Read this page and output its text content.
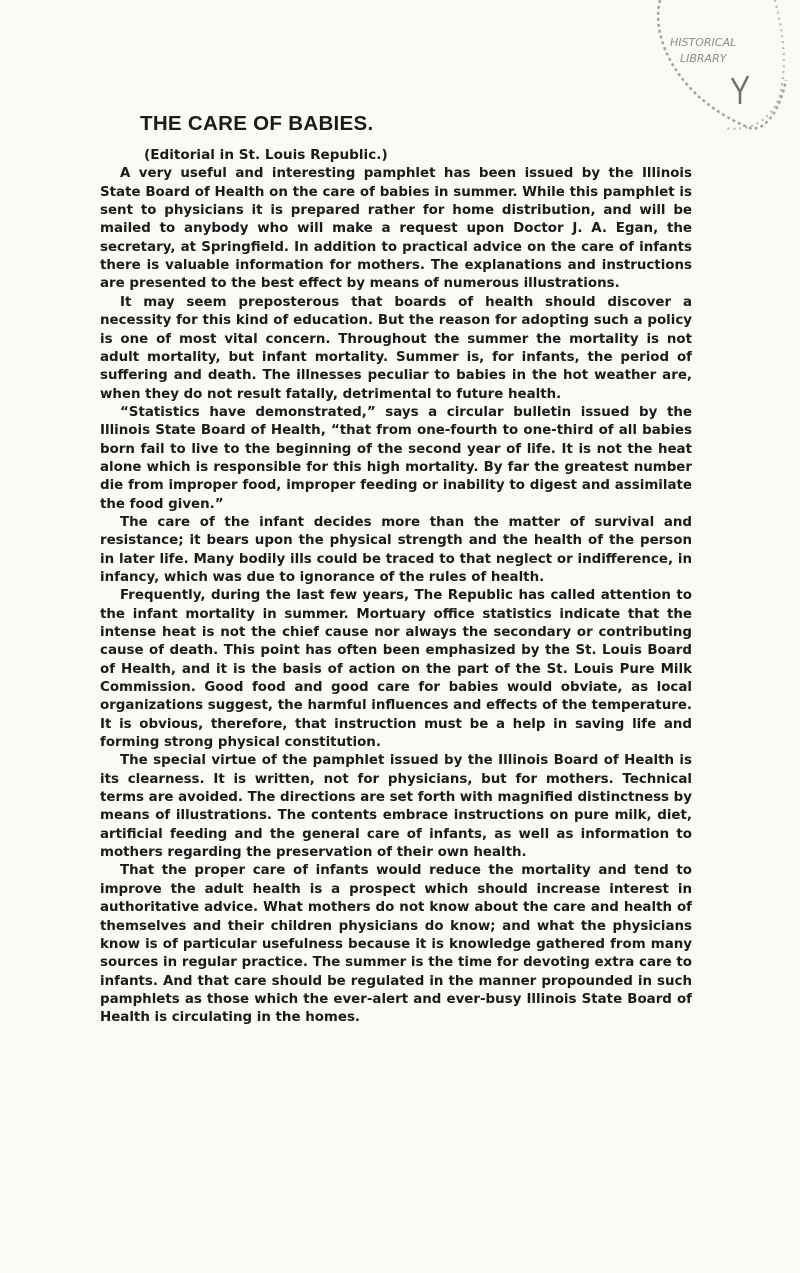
HISTORICAL
LIBRARY
THE CARE OF BABIES.
(Editorial in St. Louis Republic.)

A very useful and interesting pamphlet has been issued by the Illinois State Board of Health on the care of babies in summer. While this pamphlet is sent to physicians it is prepared rather for home distribution, and will be mailed to anybody who will make a request upon Doctor J. A. Egan, the secretary, at Springfield. In addition to practical advice on the care of infants there is valuable information for mothers. The explanations and instructions are presented to the best effect by means of numerous illustrations.

It may seem preposterous that boards of health should discover a necessity for this kind of education. But the reason for adopting such a policy is one of most vital concern. Throughout the summer the mortality is not adult mortality, but infant mortality. Summer is, for infants, the period of suffering and death. The illnesses peculiar to babies in the hot weather are, when they do not result fatally, detrimental to future health.

“Statistics have demonstrated,” says a circular bulletin issued by the Illinois State Board of Health, “that from one-fourth to one-third of all babies born fail to live to the beginning of the second year of life. It is not the heat alone which is responsible for this high mortality. By far the greatest number die from improper food, improper feeding or inability to digest and assimilate the food given.”

The care of the infant decides more than the matter of survival and resistance; it bears upon the physical strength and the health of the person in later life. Many bodily ills could be traced to that neglect or indifference, in infancy, which was due to ignorance of the rules of health.

Frequently, during the last few years, The Republic has called attention to the infant mortality in summer. Mortuary office statistics indicate that the intense heat is not the chief cause nor always the secondary or contributing cause of death. This point has often been emphasized by the St. Louis Board of Health, and it is the basis of action on the part of the St. Louis Pure Milk Commission. Good food and good care for babies would obviate, as local organizations suggest, the harmful influences and effects of the temperature. It is obvious, therefore, that instruction must be a help in saving life and forming strong physical constitution.

The special virtue of the pamphlet issued by the Illinois Board of Health is its clearness. It is written, not for physicians, but for mothers. Technical terms are avoided. The directions are set forth with magnified distinctness by means of illustrations. The contents embrace instructions on pure milk, diet, artificial feeding and the general care of infants, as well as information to mothers regarding the preservation of their own health.

That the proper care of infants would reduce the mortality and tend to improve the adult health is a prospect which should increase interest in authoritative advice. What mothers do not know about the care and health of themselves and their children physicians do know; and what the physicians know is of particular usefulness because it is knowledge gathered from many sources in regular practice. The summer is the time for devoting extra care to infants. And that care should be regulated in the manner propounded in such pamphlets as those which the ever-alert and ever-busy Illinois State Board of Health is circulating in the homes.
